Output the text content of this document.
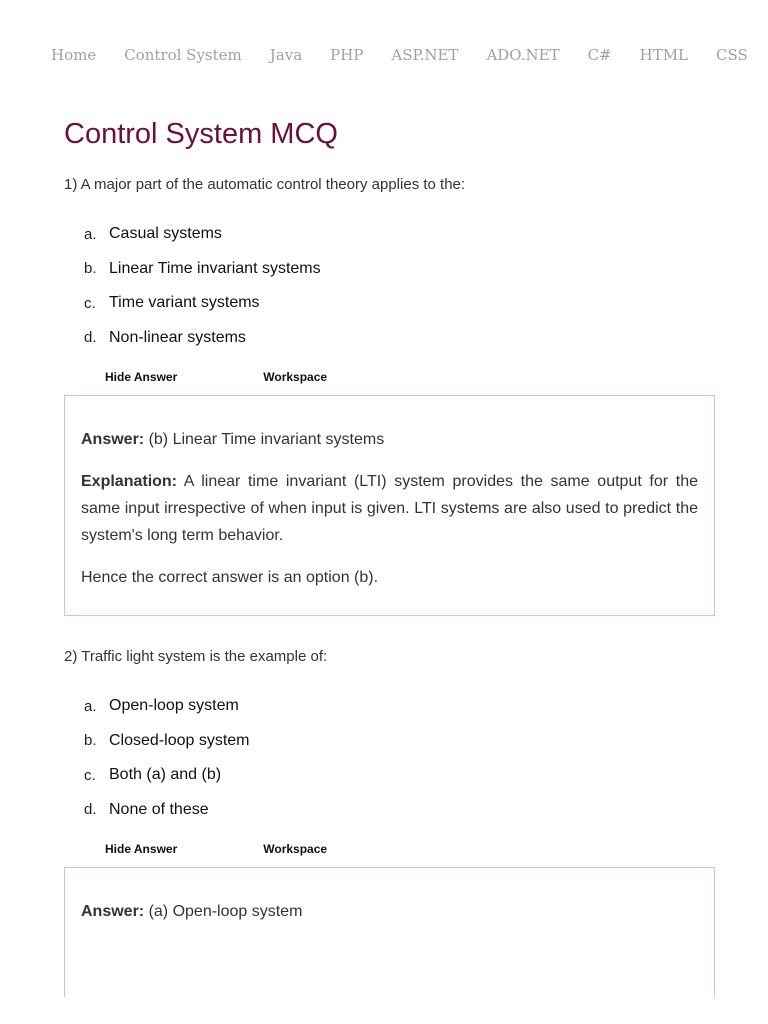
Home Control System Java PHP ASP.NET ADO.NET C# HTML CSS
Control System MCQ
1) A major part of the automatic control theory applies to the:
a. Casual systems
b. Linear Time invariant systems
c. Time variant systems
d. Non-linear systems
Hide Answer	Workspace

Answer: (b) Linear Time invariant systems

Explanation: A linear time invariant (LTI) system provides the same output for the same input irrespective of when input is given. LTI systems are also used to predict the system's long term behavior.

Hence the correct answer is an option (b).

2) Traffic light system is the example of:
a. Open-loop system
b. Closed-loop system
c. Both (a) and (b)
d. None of these
Hide Answer	Workspace

Answer: (a) Open-loop system
